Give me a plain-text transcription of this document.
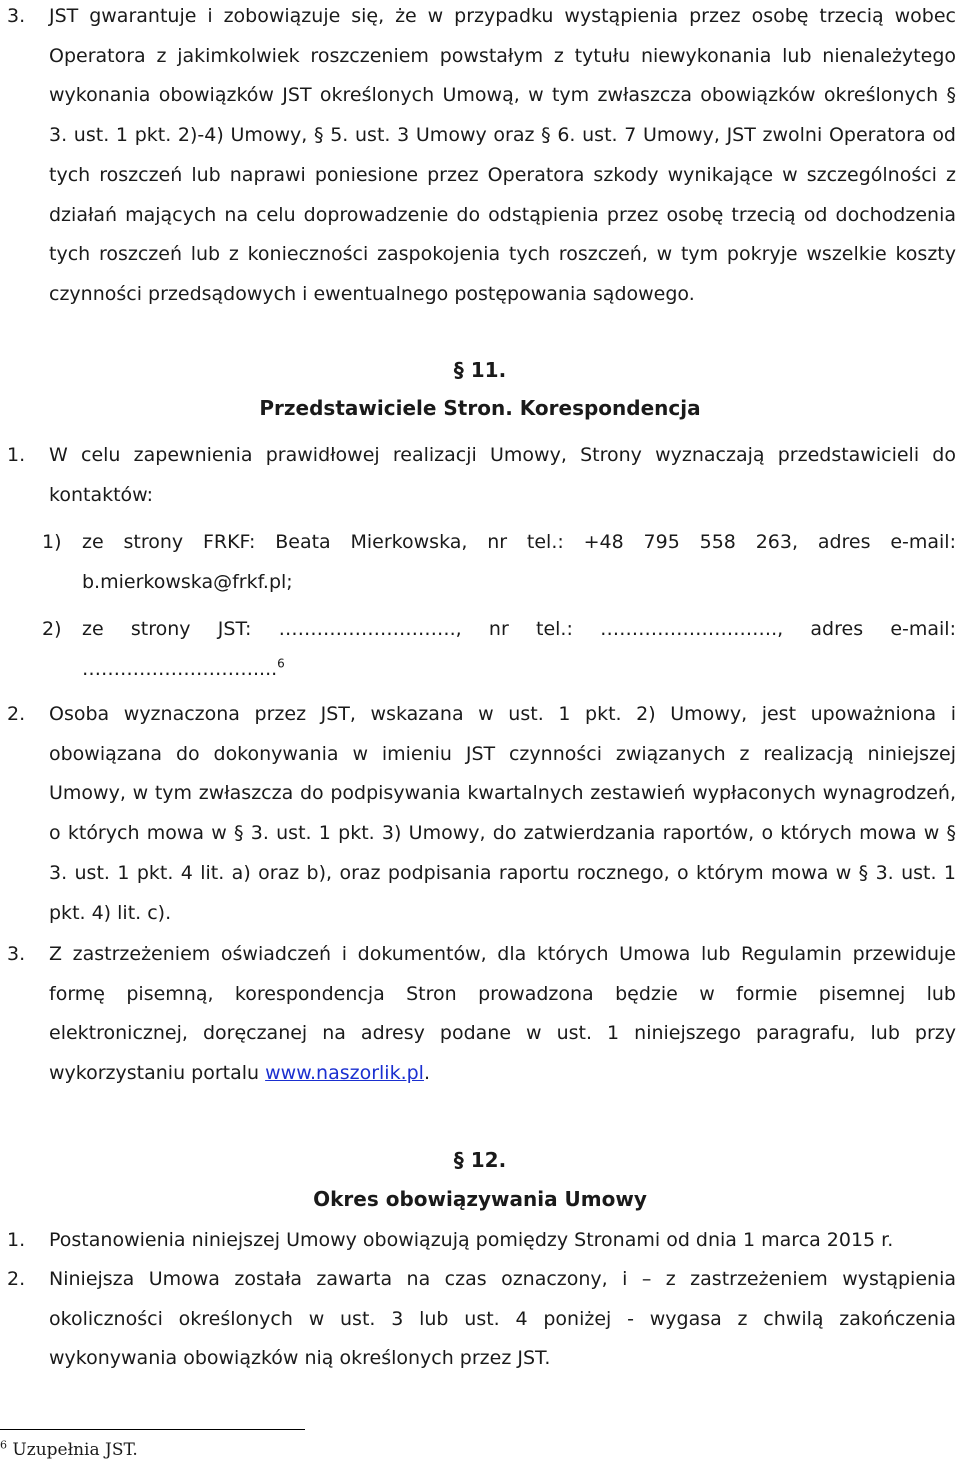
3. JST gwarantuje i zobowiązuje się, że w przypadku wystąpienia przez osobę trzecią wobec Operatora z jakimkolwiek roszczeniem powstałym z tytułu niewykonania lub nienależytego wykonania obowiązków JST określonych Umową, w tym zwłaszcza obowiązków określonych § 3. ust. 1 pkt. 2)-4) Umowy, § 5. ust. 3 Umowy oraz § 6. ust. 7 Umowy, JST zwolni Operatora od tych roszczeń lub naprawi poniesione przez Operatora szkody wynikające w szczególności z działań mających na celu doprowadzenie do odstąpienia przez osobę trzecią od dochodzenia tych roszczeń lub z konieczności zaspokojenia tych roszczeń, w tym pokryje wszelkie koszty czynności przedsądowych i ewentualnego postępowania sądowego.

§ 11.

Przedstawiciele Stron. Korespondencja

1. W celu zapewnienia prawidłowej realizacji Umowy, Strony wyznaczają przedstawicieli do kontaktów:
1) ze strony FRKF: Beata Mierkowska, nr tel.: +48 795 558 263, adres e-mail: b.mierkowska@frkf.pl;
2) ze strony JST: ………………………., nr tel.: ………………………., adres e-mail: ………………………....$^6$
2. Osoba wyznaczona przez JST, wskazana w ust. 1 pkt. 2) Umowy, jest upoważniona i obowiązana do dokonywania w imieniu JST czynności związanych z realizacją niniejszej Umowy, w tym zwłaszcza do podpisywania kwartalnych zestawień wypłaconych wynagrodzeń, o których mowa w § 3. ust. 1 pkt. 3) Umowy, do zatwierdzania raportów, o których mowa w § 3. ust. 1 pkt. 4 lit. a) oraz b), oraz podpisania raportu rocznego, o którym mowa w § 3. ust. 1 pkt. 4) lit. c).
3. Z zastrzeżeniem oświadczeń i dokumentów, dla których Umowa lub Regulamin przewiduje formę pisemną, korespondencja Stron prowadzona będzie w formie pisemnej lub elektronicznej, doręczanej na adresy podane w ust. 1 niniejszego paragrafu, lub przy wykorzystaniu portalu www.naszorlik.pl.

§ 12.

Okres obowiązywania Umowy

1. Postanowienia niniejszej Umowy obowiązują pomiędzy Stronami od dnia 1 marca 2015 r.
2. Niniejsza Umowa została zawarta na czas oznaczony, i – z zastrzeżeniem wystąpienia okoliczności określonych w ust. 3 lub ust. 4 poniżej - wygasa z chwilą zakończenia wykonywania obowiązków nią określonych przez JST.

$^6$ Uzupełnia JST.
